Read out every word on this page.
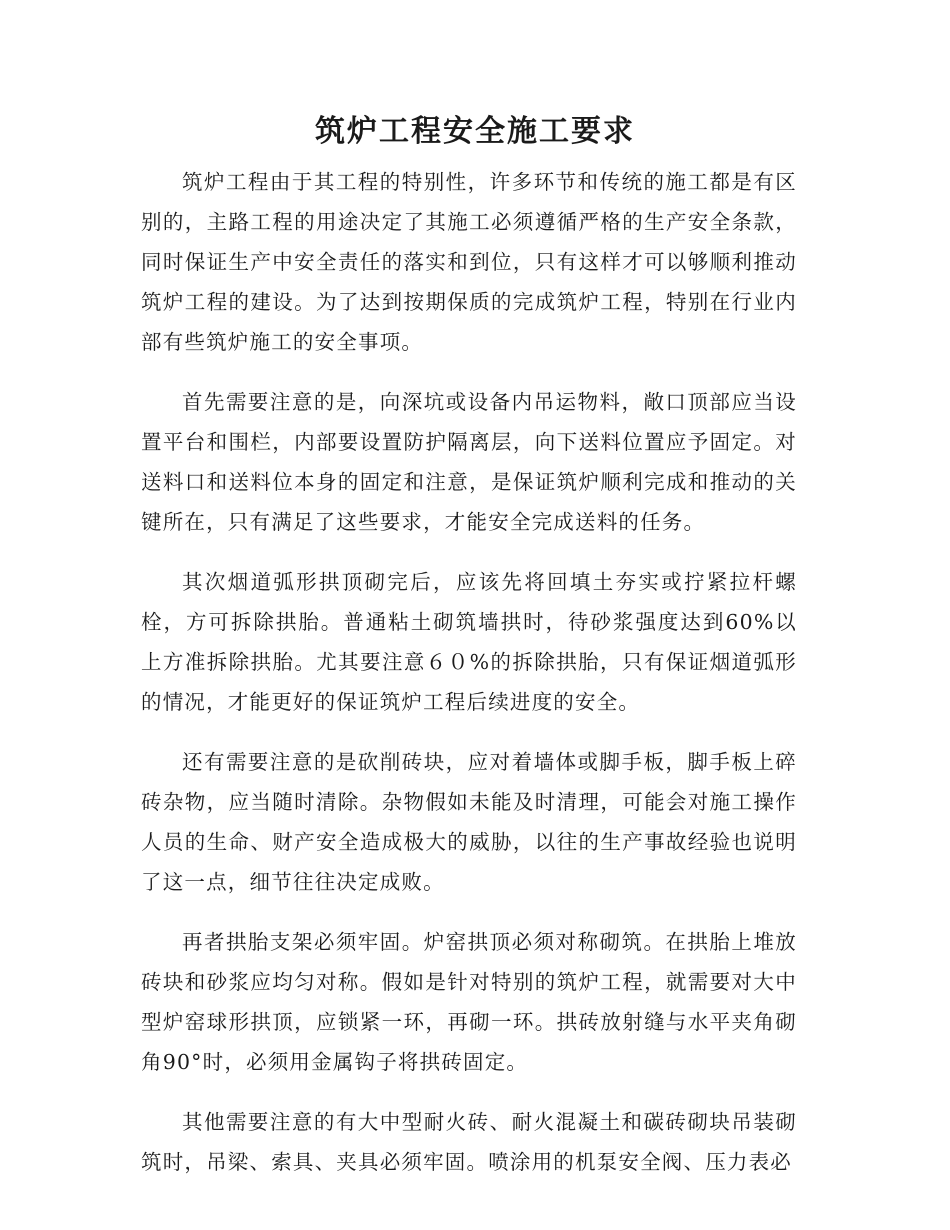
筑炉工程安全施工要求

筑炉工程由于其工程的特别性，许多环节和传统的施工都是有区别的，主路工程的用途决定了其施工必须遵循严格的生产安全条款，同时保证生产中安全责任的落实和到位，只有这样才可以够顺利推动筑炉工程的建设。为了达到按期保质的完成筑炉工程，特别在行业内部有些筑炉施工的安全事项。

首先需要注意的是，向深坑或设备内吊运物料，敞口顶部应当设置平台和围栏，内部要设置防护隔离层，向下送料位置应予固定。对送料口和送料位本身的固定和注意，是保证筑炉顺利完成和推动的关键所在，只有满足了这些要求，才能安全完成送料的任务。

其次烟道弧形拱顶砌完后，应该先将回填土夯实或拧紧拉杆螺栓，方可拆除拱胎。普通粘土砌筑墙拱时，待砂浆强度达到60%以上方准拆除拱胎。尤其要注意６０%的拆除拱胎，只有保证烟道弧形的情况，才能更好的保证筑炉工程后续进度的安全。

还有需要注意的是砍削砖块，应对着墙体或脚手板，脚手板上碎砖杂物，应当随时清除。杂物假如未能及时清理，可能会对施工操作人员的生命、财产安全造成极大的威胁，以往的生产事故经验也说明了这一点，细节往往决定成败。

再者拱胎支架必须牢固。炉窑拱顶必须对称砌筑。在拱胎上堆放砖块和砂浆应均匀对称。假如是针对特别的筑炉工程，就需要对大中型炉窑球形拱顶，应锁紧一环，再砌一环。拱砖放射缝与水平夹角砌角90°时，必须用金属钩子将拱砖固定。

其他需要注意的有大中型耐火砖、耐火混凝土和碳砖砌块吊装砌筑时，吊梁、索具、夹具必须牢固。喷涂用的机泵安全阀、压力表必
